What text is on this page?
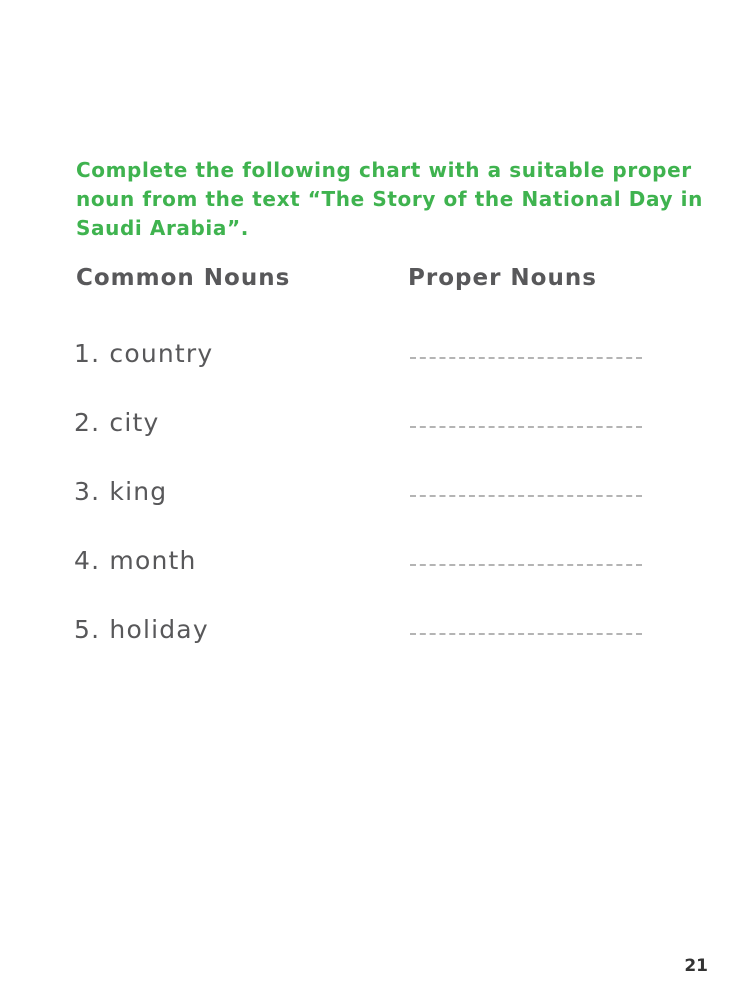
Complete the following chart with a suitable proper noun from the text “The Story of the National Day in Saudi Arabia”.

Common Nouns	Proper Nouns
1. country
2. city
3. king
4. month
5. holiday
21
